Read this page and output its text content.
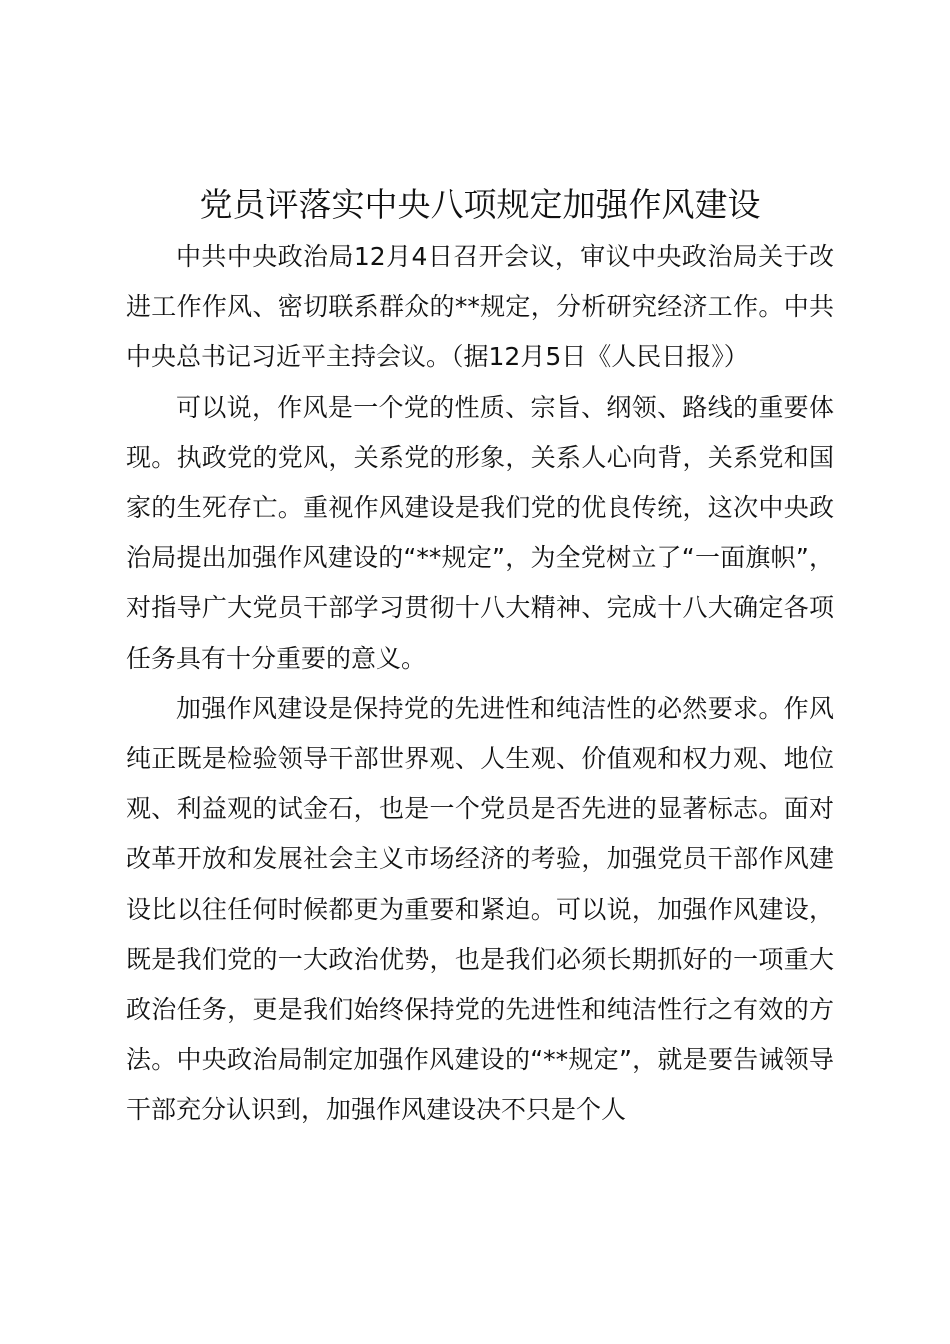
党员评落实中央八项规定加强作风建设

中共中央政治局12月4日召开会议，审议中央政治局关于改进工作作风、密切联系群众的**规定，分析研究经济工作。中共中央总书记习近平主持会议。（据12月5日《人民日报》）

可以说，作风是一个党的性质、宗旨、纲领、路线的重要体现。执政党的党风，关系党的形象，关系人心向背，关系党和国家的生死存亡。重视作风建设是我们党的优良传统，这次中央政治局提出加强作风建设的“**规定”，为全党树立了“一面旗帜”，对指导广大党员干部学习贯彻十八大精神、完成十八大确定各项任务具有十分重要的意义。

加强作风建设是保持党的先进性和纯洁性的必然要求。作风纯正既是检验领导干部世界观、人生观、价值观和权力观、地位观、利益观的试金石，也是一个党员是否先进的显著标志。面对改革开放和发展社会主义市场经济的考验，加强党员干部作风建设比以往任何时候都更为重要和紧迫。可以说，加强作风建设，既是我们党的一大政治优势，也是我们必须长期抓好的一项重大政治任务，更是我们始终保持党的先进性和纯洁性行之有效的方法。中央政治局制定加强作风建设的“**规定”，就是要告诫领导干部充分认识到，加强作风建设决不只是个人
